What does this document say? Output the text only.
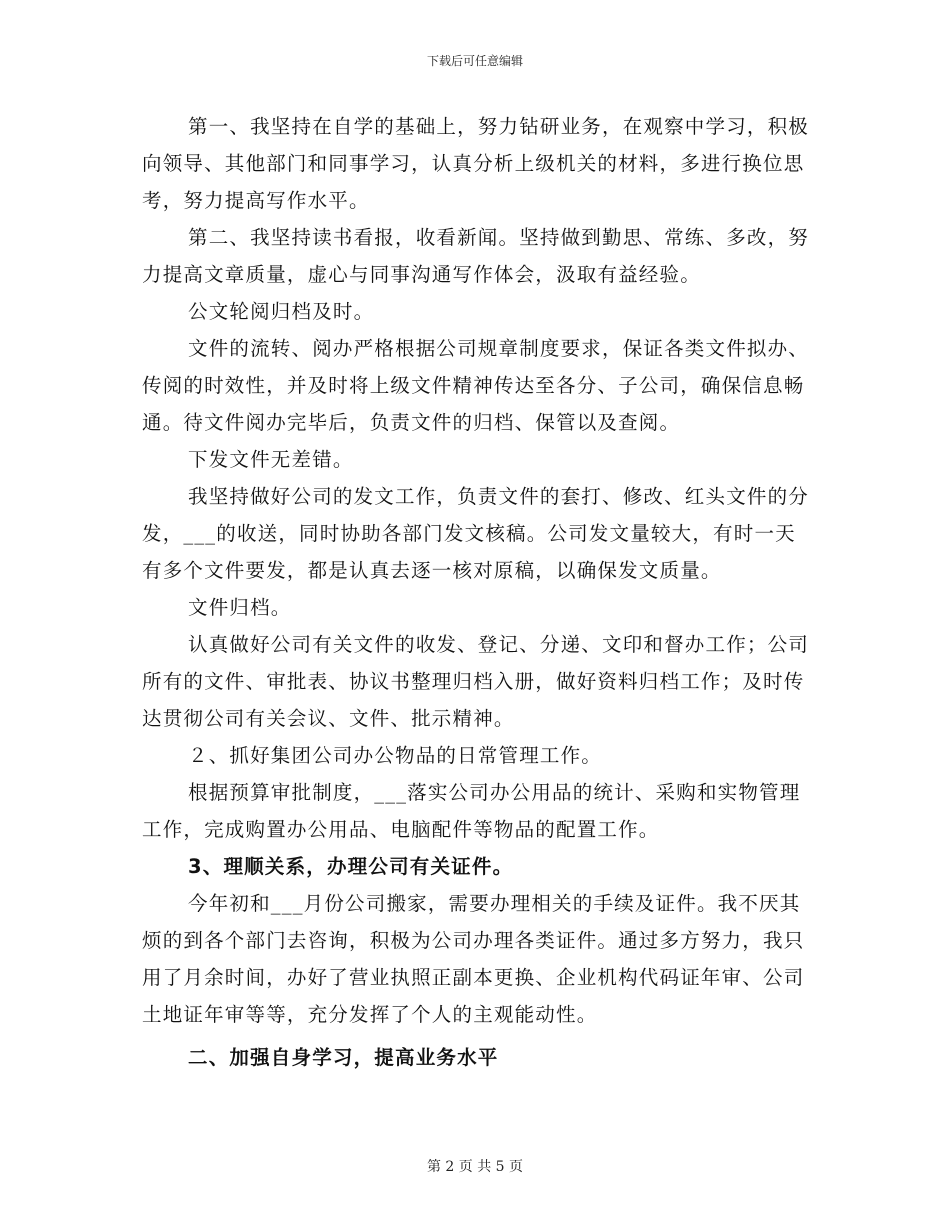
下载后可任意编辑

第一、我坚持在自学的基础上，努力钻研业务，在观察中学习，积极向领导、其他部门和同事学习，认真分析上级机关的材料，多进行换位思考，努力提高写作水平。

第二、我坚持读书看报，收看新闻。坚持做到勤思、常练、多改，努力提高文章质量，虚心与同事沟通写作体会，汲取有益经验。

公文轮阅归档及时。

文件的流转、阅办严格根据公司规章制度要求，保证各类文件拟办、传阅的时效性，并及时将上级文件精神传达至各分、子公司，确保信息畅通。待文件阅办完毕后，负责文件的归档、保管以及查阅。

下发文件无差错。

我坚持做好公司的发文工作，负责文件的套打、修改、红头文件的分发，___的收送，同时协助各部门发文核稿。公司发文量较大，有时一天有多个文件要发，都是认真去逐一核对原稿，以确保发文质量。

文件归档。

认真做好公司有关文件的收发、登记、分递、文印和督办工作；公司所有的文件、审批表、协议书整理归档入册，做好资料归档工作；及时传达贯彻公司有关会议、文件、批示精神。

２、抓好集团公司办公物品的日常管理工作。

根据预算审批制度，___落实公司办公用品的统计、采购和实物管理工作，完成购置办公用品、电脑配件等物品的配置工作。

3、理顺关系，办理公司有关证件。

今年初和___月份公司搬家，需要办理相关的手续及证件。我不厌其烦的到各个部门去咨询，积极为公司办理各类证件。通过多方努力，我只用了月余时间，办好了营业执照正副本更换、企业机构代码证年审、公司土地证年审等等，充分发挥了个人的主观能动性。

二、加强自身学习，提高业务水平

第 2 页 共 5 页
